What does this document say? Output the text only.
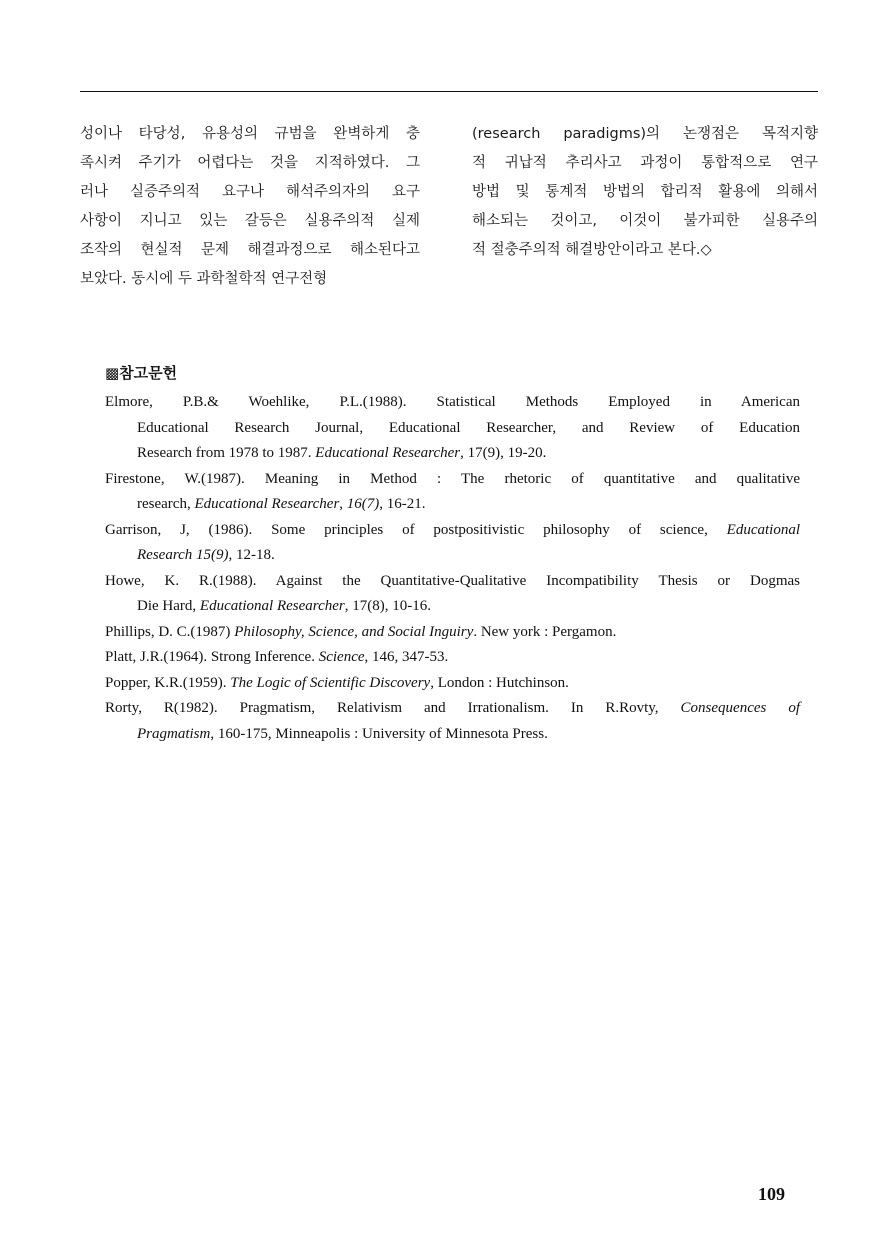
성이나 타당성, 유용성의 규범을 완벽하게 충
족시켜 주기가 어렵다는 것을 지적하였다. 그
러나 실증주의적 요구나 해석주의자의 요구
사항이 지니고 있는 갈등은 실용주의적 실제
조작의 현실적 문제 해결과정으로 해소된다고
보았다. 동시에 두 과학철학적 연구전형
(research paradigms)의 논쟁점은 목적지향
적 귀납적 추리사고 과정이 통합적으로 연구
방법 및 통계적 방법의 합리적 활용에 의해서
해소되는 것이고, 이것이 불가피한 실용주의
적 절충주의적 해결방안이라고 본다.◇
▩참고문헌
Elmore, P.B.& Woehlike, P.L.(1988). Statistical Methods Employed in American
Educational Research Journal, Educational Researcher, and Review of Education
Research from 1978 to 1987. Educational Researcher, 17(9), 19-20.
Firestone, W.(1987). Meaning in Method : The rhetoric of quantitative and qualitative
research, Educational Researcher, 16(7), 16-21.
Garrison, J, (1986). Some principles of postpositivistic philosophy of science, Educational
Research 15(9), 12-18.
Howe, K. R.(1988). Against the Quantitative-Qualitative Incompatibility Thesis or Dogmas
Die Hard, Educational Researcher, 17(8), 10-16.
Phillips, D. C.(1987) Philosophy, Science, and Social Inguiry. New york : Pergamon.
Platt, J.R.(1964). Strong Inference. Science, 146, 347-53.
Popper, K.R.(1959). The Logic of Scientific Discovery, London : Hutchinson.
Rorty, R(1982). Pragmatism, Relativism and Irrationalism. In R.Rovty, Consequences of
Pragmatism, 160-175, Minneapolis : University of Minnesota Press.
109
